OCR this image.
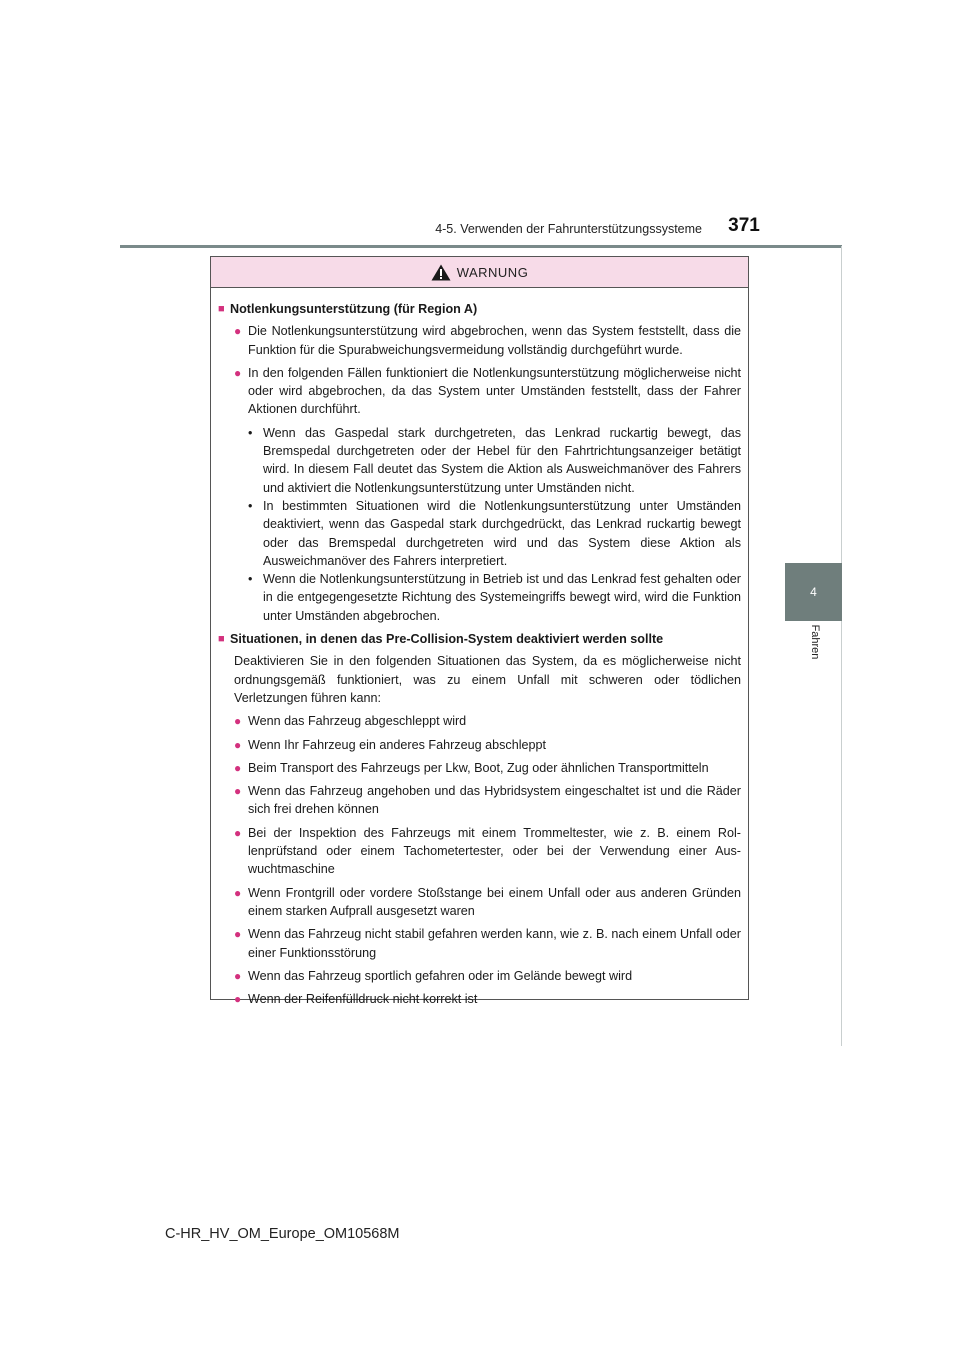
4-5. Verwenden der Fahrunterstützungssysteme	371
4
Fahren
WARNUNG
■ Notlenkungsunterstützung (für Region A)
● Die Notlenkungsunterstützung wird abgebrochen, wenn das System feststellt, dass die Funktion für die Spurabweichungsvermeidung vollständig durchgeführt wurde.
● In den folgenden Fällen funktioniert die Notlenkungsunterstützung möglicherweise nicht oder wird abgebrochen, da das System unter Umständen feststellt, dass der Fahrer Aktionen durchführt.
• Wenn das Gaspedal stark durchgetreten, das Lenkrad ruckartig bewegt, das Bremspedal durchgetreten oder der Hebel für den Fahrtrichtungsanzeiger betätigt wird. In diesem Fall deutet das System die Aktion als Ausweichmanöver des Fahrers und aktiviert die Notlenkungsunterstützung unter Umständen nicht.
• In bestimmten Situationen wird die Notlenkungsunterstützung unter Umständen deaktiviert, wenn das Gaspedal stark durchgedrückt, das Lenkrad ruckartig bewegt oder das Bremspedal durchgetreten wird und das System diese Aktion als Ausweichmanöver des Fahrers interpretiert.
• Wenn die Notlenkungsunterstützung in Betrieb ist und das Lenkrad fest gehalten oder in die entgegengesetzte Richtung des Systemeingriffs bewegt wird, wird die Funktion unter Umständen abgebrochen.
■ Situationen, in denen das Pre-Collision-System deaktiviert werden sollte
Deaktivieren Sie in den folgenden Situationen das System, da es möglicherweise nicht ordnungsgemäß funktioniert, was zu einem Unfall mit schweren oder tödlichen Verletzungen führen kann:
● Wenn das Fahrzeug abgeschleppt wird
● Wenn Ihr Fahrzeug ein anderes Fahrzeug abschleppt
● Beim Transport des Fahrzeugs per Lkw, Boot, Zug oder ähnlichen Transportmitteln
● Wenn das Fahrzeug angehoben und das Hybridsystem eingeschaltet ist und die Räder sich frei drehen können
● Bei der Inspektion des Fahrzeugs mit einem Trommeltester, wie z. B. einem Rollenprüfstand oder einem Tachometertester, oder bei der Verwendung einer Auswuchtmaschine
● Wenn Frontgrill oder vordere Stoßstange bei einem Unfall oder aus anderen Gründen einem starken Aufprall ausgesetzt waren
● Wenn das Fahrzeug nicht stabil gefahren werden kann, wie z. B. nach einem Unfall oder einer Funktionsstörung
● Wenn das Fahrzeug sportlich gefahren oder im Gelände bewegt wird
● Wenn der Reifenfülldruck nicht korrekt ist
C-HR_HV_OM_Europe_OM10568M
